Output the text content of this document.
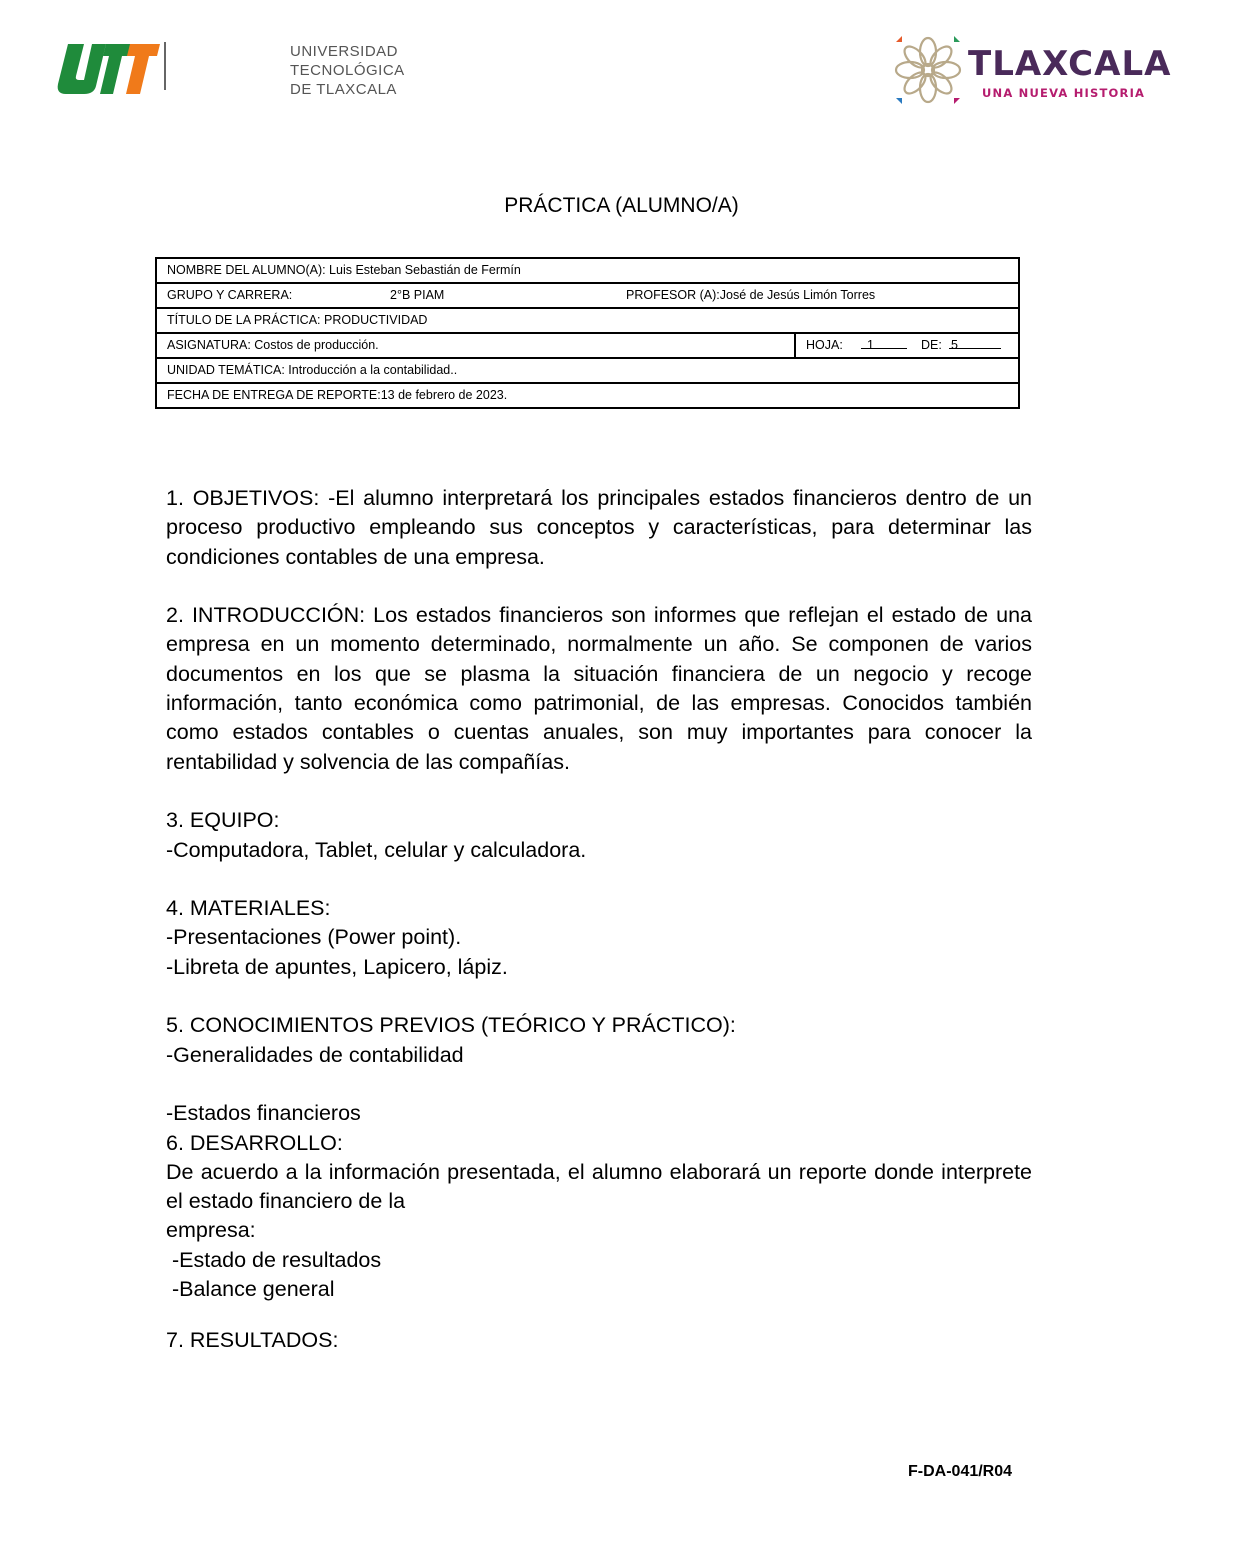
UNIVERSIDAD
TECNOLÓGICA
DE TLAXCALA
TLAXCALA
UNA NUEVA HISTORIA
PRÁCTICA (ALUMNO/A)
NOMBRE DEL ALUMNO(A): Luis Esteban Sebastián de Fermín
GRUPO Y CARRERA:	2°B PIAM	PROFESOR (A):José de Jesús Limón Torres
TÍTULO DE LA PRÁCTICA: PRODUCTIVIDAD
ASIGNATURA: Costos de producción.	HOJA:	1	DE: 5
UNIDAD TEMÁTICA: Introducción a la contabilidad..
FECHA DE ENTREGA DE REPORTE:13 de febrero de 2023.

1. OBJETIVOS: -El alumno interpretará los principales estados financieros dentro de un proceso productivo empleando sus conceptos y características, para determinar las condiciones contables de una empresa.

2. INTRODUCCIÓN: Los estados financieros son informes que reflejan el estado de una empresa en un momento determinado, normalmente un año. Se componen de varios documentos en los que se plasma la situación financiera de un negocio y recoge información, tanto económica como patrimonial, de las empresas. Conocidos también como estados contables o cuentas anuales, son muy importantes para conocer la rentabilidad y solvencia de las compañías.

3. EQUIPO:

-Computadora, Tablet, celular y calculadora.

4. MATERIALES:

-Presentaciones (Power point).

-Libreta de apuntes, Lapicero, lápiz.

5. CONOCIMIENTOS PREVIOS (TEÓRICO Y PRÁCTICO):

-Generalidades de contabilidad

-Estados financieros

6. DESARROLLO:

De acuerdo a la información presentada, el alumno elaborará un reporte donde interprete el estado financiero de la

empresa:

-Estado de resultados

-Balance general

7. RESULTADOS:

F-DA-041/R04
